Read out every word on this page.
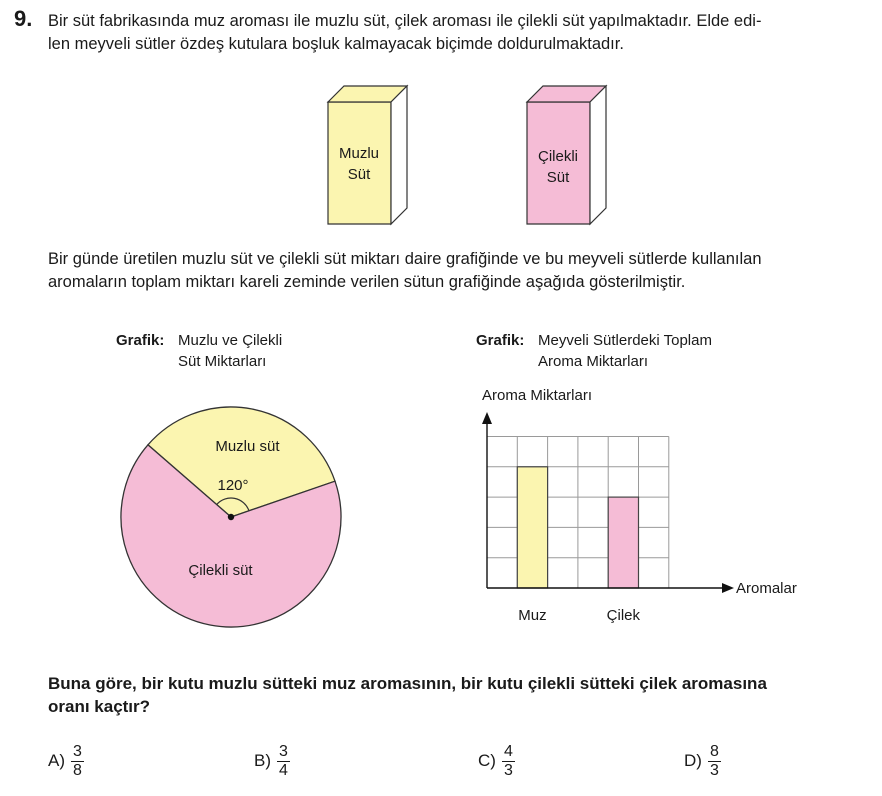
9. Bir süt fabrikasında muz aroması ile muzlu süt, çilek aroması ile çilekli süt yapılmaktadır. Elde edi-
len meyveli sütler özdeş kutulara boşluk kalmayacak biçimde doldurulmaktadır.
Muzlu
Süt
Çilekli
Süt
Bir günde üretilen muzlu süt ve çilekli süt miktarı daire grafiğinde ve bu meyveli sütlerde kullanılan
aromaların toplam miktarı kareli zeminde verilen sütun grafiğinde aşağıda gösterilmiştir.
Grafik: Muzlu ve Çilekli
Süt Miktarları
Grafik: Meyveli Sütlerdeki Toplam
Aroma Miktarları
Muzlu süt
Çilekli süt
120°
Aroma Miktarları
Aromalar
Muz	Çilek
Buna göre, bir kutu muzlu sütteki muz aromasının, bir kutu çilekli sütteki çilek aromasına
oranı kaçtır?
$A) \frac{3}{8}$	$B) \frac{3}{4}$	$C) \frac{4}{3}$	$D) \frac{8}{3}$
